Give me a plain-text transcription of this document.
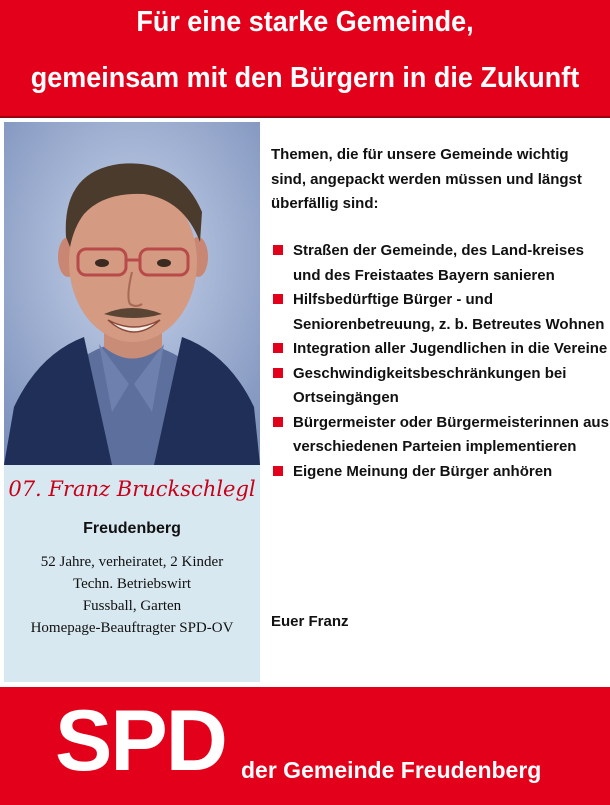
Für eine starke Gemeinde,
gemeinsam mit den Bürgern in die Zukunft
07. Franz Bruckschlegl
Freudenberg
52 Jahre, verheiratet, 2 Kinder
Techn. Betriebswirt
Fussball, Garten
Homepage-Beauftragter SPD-OV
Themen, die für unsere Gemeinde wichtig sind, angepackt werden müssen und längst überfällig sind:
Straßen der Gemeinde, des Land-kreises und des Freistaates Bayern sanieren
Hilfsbedürftige Bürger - und Seniorenbetreuung, z. b. Betreutes Wohnen
Integration aller Jugendlichen in die Vereine
Geschwindigkeitsbeschränkungen bei Ortseingängen
Bürgermeister oder Bürgermeisterinnen aus verschiedenen Parteien implementieren
Eigene Meinung der Bürger anhören
Euer Franz
SPD der Gemeinde Freudenberg
